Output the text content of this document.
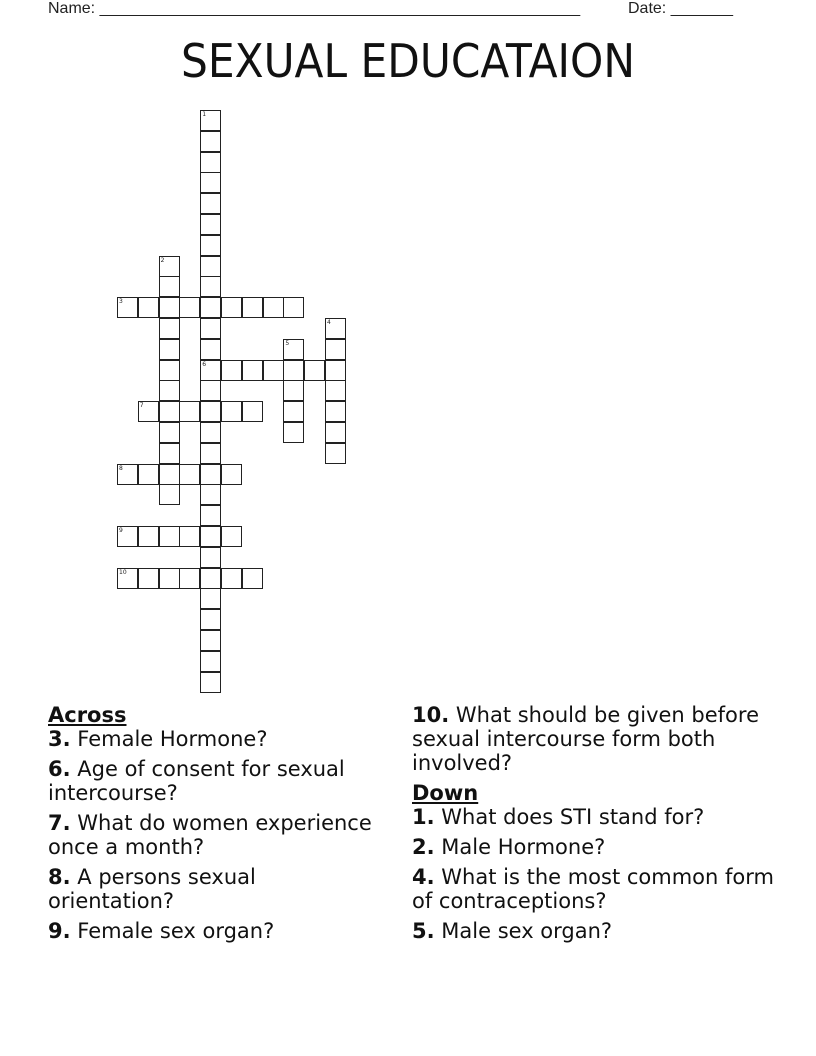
Name: ______________________________________________________	Date: _______
SEXUAL EDUCATAION
1
6
2
3
4
5
7
8
9
10
Across
3. Female Hormone?
6. Age of consent for sexual intercourse?
7. What do women experience once a month?
8. A persons sexual orientation?
9. Female sex organ?
10. What should be given before sexual intercourse form both involved?
Down
1. What does STI stand for?
2. Male Hormone?
4. What is the most common form of contraceptions?
5. Male sex organ?
